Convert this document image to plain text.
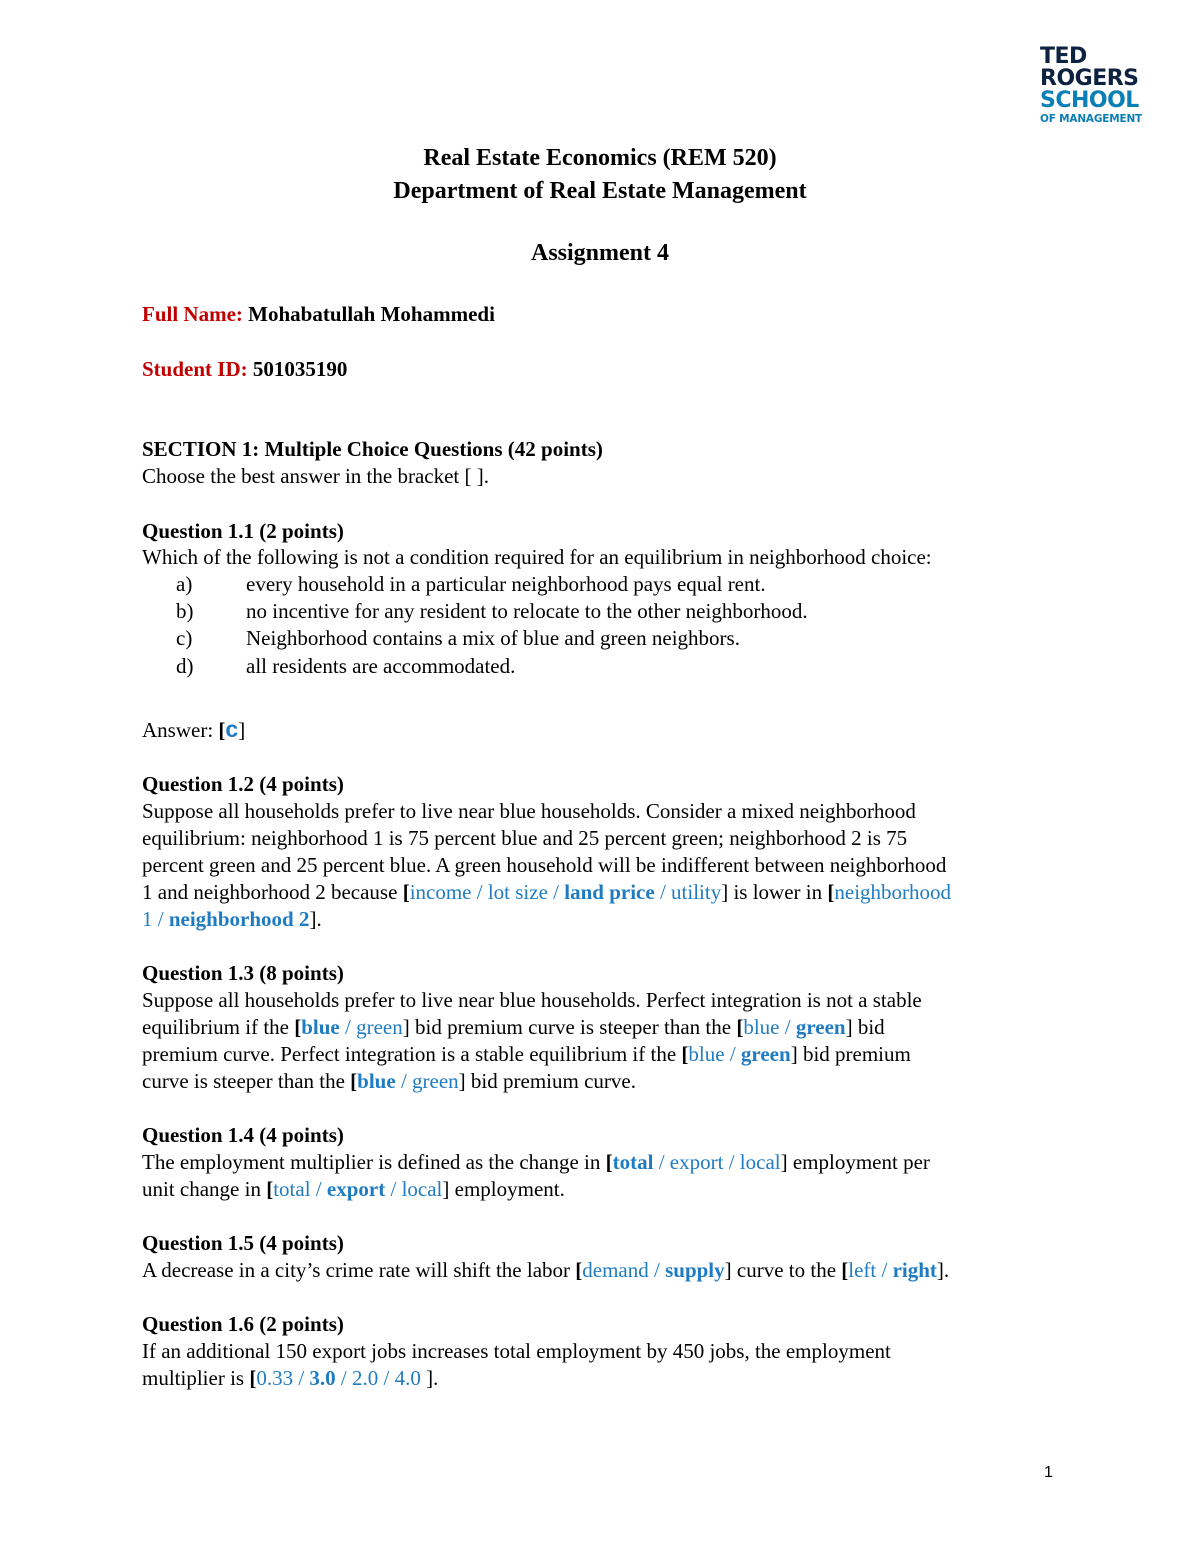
TED
ROGERS
SCHOOL
OF MANAGEMENT
Real Estate Economics (REM 520)
Department of Real Estate Management
Assignment 4
Full Name: Mohabatullah Mohammedi
Student ID: 501035190
SECTION 1: Multiple Choice Questions (42 points)
Choose the best answer in the bracket [ ].
Question 1.1 (2 points)
Which of the following is not a condition required for an equilibrium in neighborhood choice:
a)	every household in a particular neighborhood pays equal rent.
b)	no incentive for any resident to relocate to the other neighborhood.
c)	Neighborhood contains a mix of blue and green neighbors.
d)	all residents are accommodated.
Answer: [c]
Question 1.2 (4 points)
Suppose all households prefer to live near blue households. Consider a mixed neighborhood
equilibrium: neighborhood 1 is 75 percent blue and 25 percent green; neighborhood 2 is 75
percent green and 25 percent blue. A green household will be indifferent between neighborhood
1 and neighborhood 2 because [income / lot size / land price / utility] is lower in [neighborhood
1 / neighborhood 2].
Question 1.3 (8 points)
Suppose all households prefer to live near blue households. Perfect integration is not a stable
equilibrium if the [blue / green] bid premium curve is steeper than the [blue / green] bid
premium curve. Perfect integration is a stable equilibrium if the [blue / green] bid premium
curve is steeper than the [blue / green] bid premium curve.
Question 1.4 (4 points)
The employment multiplier is defined as the change in [total / export / local] employment per
unit change in [total / export / local] employment.
Question 1.5 (4 points)
A decrease in a city’s crime rate will shift the labor [demand / supply] curve to the [left / right].
Question 1.6 (2 points)
If an additional 150 export jobs increases total employment by 450 jobs, the employment
multiplier is [0.33 / 3.0 / 2.0 / 4.0 ].
1
